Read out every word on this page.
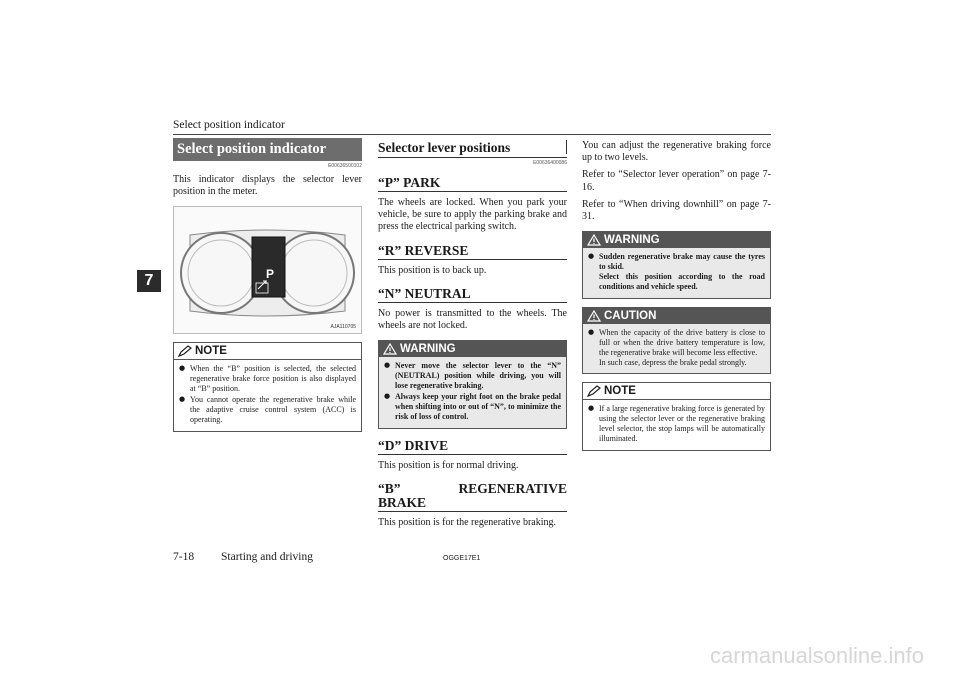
Select position indicator
7
Select position indicator
E00636500102

This indicator displays the selector lever position in the meter.

P
AJA110705
NOTE
● When the “B” position is selected, the selected regenerative brake force position is also displayed at “B” position.
● You cannot operate the regenerative brake while the adaptive cruise control system (ACC) is operating.
Selector lever positions
E00636400086
“P” PARK

The wheels are locked. When you park your vehicle, be sure to apply the parking brake and press the electrical parking switch.

“R” REVERSE

This position is to back up.

“N” NEUTRAL

No power is transmitted to the wheels. The wheels are not locked.

WARNING
● Never move the selector lever to the “N” (NEUTRAL) position while driving, you will lose regenerative braking.
● Always keep your right foot on the brake pedal when shifting into or out of “N”, to minimize the risk of loss of control.
“D” DRIVE

This position is for normal driving.

“B”	REGENERATIVE
BRAKE

This position is for the regenerative braking.

You can adjust the regenerative braking force up to two levels.

Refer to “Selector lever operation” on page 7-16.

Refer to “When driving downhill” on page 7-31.

WARNING
● Sudden regenerative brake may cause the tyres to skid.
Select this position according to the road conditions and vehicle speed.
CAUTION
● When the capacity of the drive battery is close to full or when the drive battery temperature is low, the regenerative brake will become less effective.
In such case, depress the brake pedal strongly.
NOTE
● If a large regenerative braking force is generated by using the selector lever or the regenerative braking level selector, the stop lamps will be automatically illuminated.
7-18 Starting and driving	OGGE17E1
carmanualsonline.info
